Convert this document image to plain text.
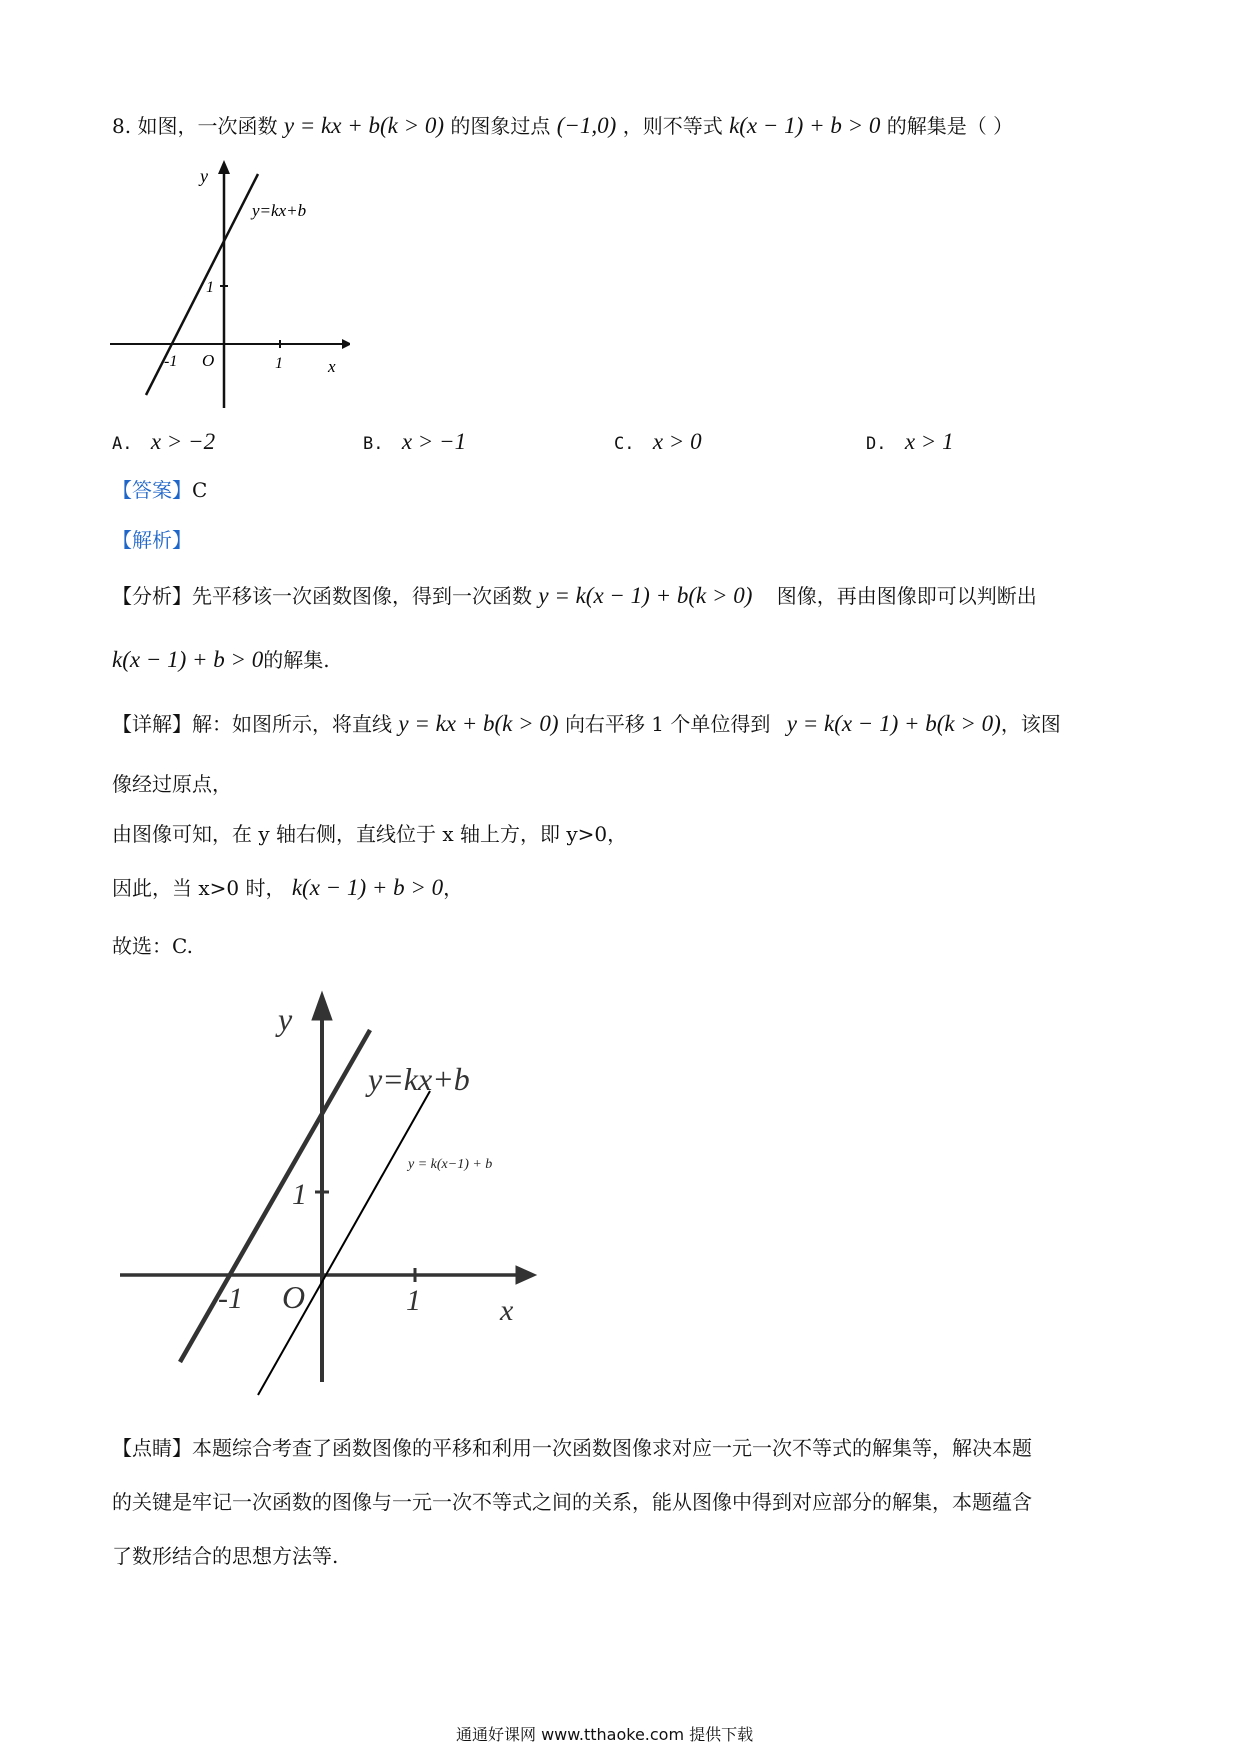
8. 如图，一次函数 y = kx + b(k > 0) 的图象过点 (−1,0) ，则不等式 k(x − 1) + b > 0 的解集是（ ）
y
x
y=kx+b
1
-1 O	1
A. x > −2	B. x > −1	C. x > 0	D. x > 1
【答案】C
【解析】
【分析】先平移该一次函数图像，得到一次函数 y = k(x − 1) + b(k > 0) 图像，再由图像即可以判断出
k(x − 1) + b > 0的解集.
【详解】解：如图所示，将直线 y = kx + b(k > 0) 向右平移 1 个单位得到 y = k(x − 1) + b(k > 0)，该图
像经过原点，
由图像可知，在 y 轴右侧，直线位于 x 轴上方，即 y>0，
因此，当 x>0 时， k(x − 1) + b > 0，
故选：C.
y
x
y=kx+b
y = k(x−1) + b
1
-1 O	1
【点睛】本题综合考查了函数图像的平移和利用一次函数图像求对应一元一次不等式的解集等，解决本题
的关键是牢记一次函数的图像与一元一次不等式之间的关系，能从图像中得到对应部分的解集，本题蕴含
了数形结合的思想方法等.
通通好课网 www.tthaoke.com 提供下载
